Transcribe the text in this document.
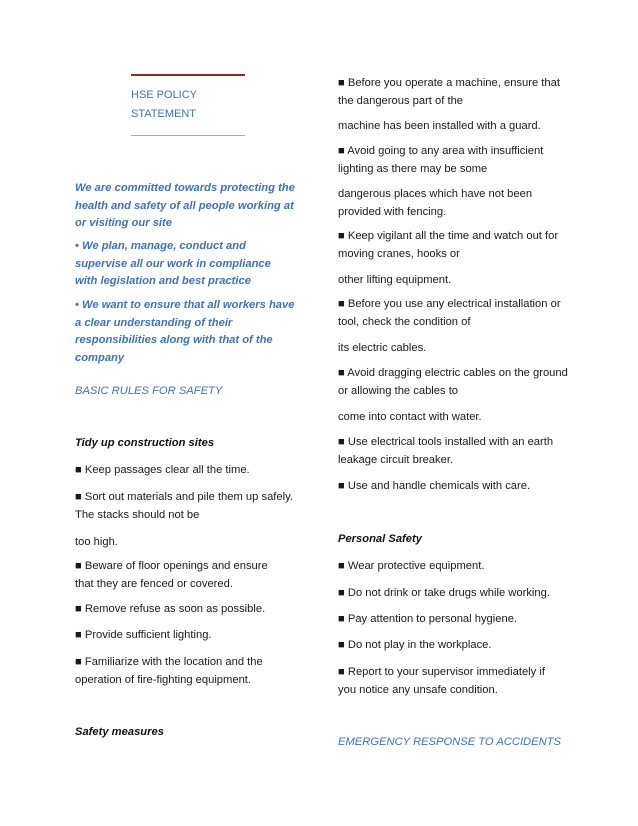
HSE POLICY
STATEMENT

We are committed towards protecting the health and safety of all people working at or visiting our site

• We plan, manage, conduct and supervise all our work in compliance with legislation and best practice

• We want to ensure that all workers have a clear understanding of their responsibilities along with that of the company

BASIC RULES FOR SAFETY

Tidy up construction sites

■ Keep passages clear all the time.

■ Sort out materials and pile them up safely. The stacks should not be

too high.

■ Beware of floor openings and ensure that they are fenced or covered.

■ Remove refuse as soon as possible.

■ Provide sufficient lighting.

■ Familiarize with the location and the operation of fire-fighting equipment.

Safety measures

■ Before you operate a machine, ensure that the dangerous part of the

machine has been installed with a guard.

■ Avoid going to any area with insufficient lighting as there may be some

dangerous places which have not been provided with fencing.

■ Keep vigilant all the time and watch out for moving cranes, hooks or

other lifting equipment.

■ Before you use any electrical installation or tool, check the condition of

its electric cables.

■ Avoid dragging electric cables on the ground or allowing the cables to

come into contact with water.

■ Use electrical tools installed with an earth leakage circuit breaker.

■ Use and handle chemicals with care.

Personal Safety

■ Wear protective equipment.

■ Do not drink or take drugs while working.

■ Pay attention to personal hygiene.

■ Do not play in the workplace.

■ Report to your supervisor immediately if you notice any unsafe condition.

EMERGENCY RESPONSE TO ACCIDENTS
